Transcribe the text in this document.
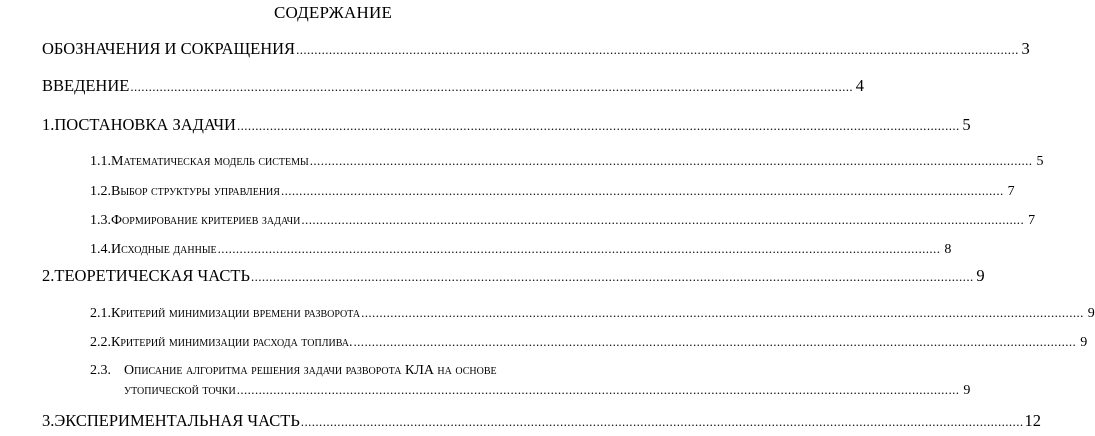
СОДЕРЖАНИЕ
ОБОЗНАЧЕНИЯ И СОКРАЩЕНИЯ ...................................................................................................................................................................................................... 3
ВВЕДЕНИЕ ...................................................................................................................................................................................................... 4
1. ПОСТАНОВКА ЗАДАЧИ ...................................................................................................................................................................................................... 5
1.1. Математическая модель системы ...................................................................................................................................................................................................... 5
1.2. Выбор структуры управления ...................................................................................................................................................................................................... 7
1.3. Формирование критериев задачи ...................................................................................................................................................................................................... 7
1.4. Исходные данные ...................................................................................................................................................................................................... 8
2. ТЕОРЕТИЧЕСКАЯ ЧАСТЬ ...................................................................................................................................................................................................... 9
2.1. Критерий минимизации времени разворота ...................................................................................................................................................................................................... 9
2.2. Критерий минимизации расхода топлива. ...................................................................................................................................................................................................... 9
2.3. Описание алгоритма решения задачи разворота КЛА на основе
утопической точки ...................................................................................................................................................................................................... 9
3. ЭКСПЕРИМЕНТАЛЬНАЯ ЧАСТЬ ...................................................................................................................................................................................................... 12
